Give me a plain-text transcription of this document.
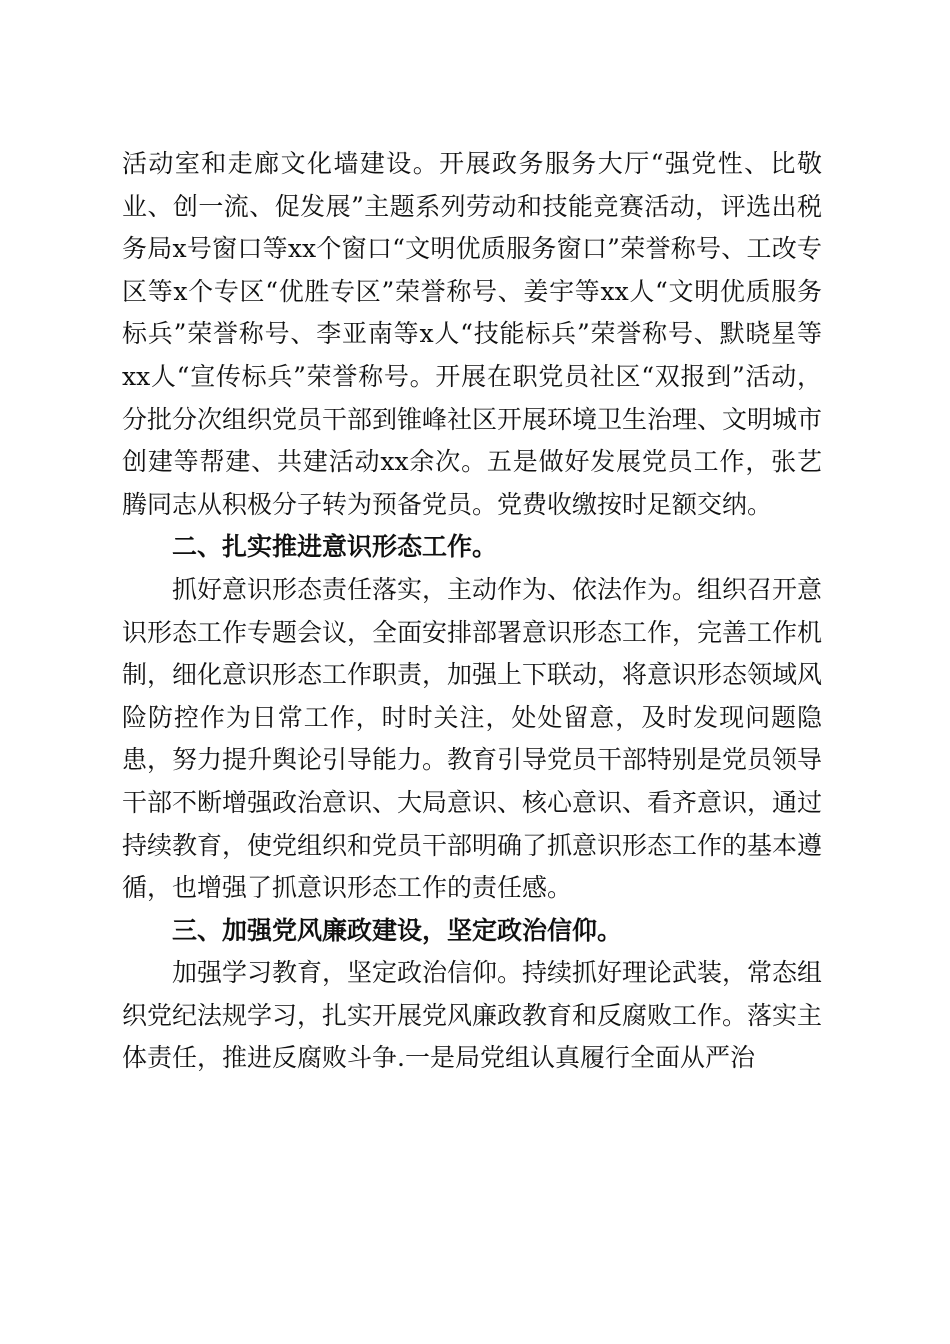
活动室和走廊文化墙建设。开展政务服务大厅“强党性、比敬业、创一流、促发展”主题系列劳动和技能竞赛活动，评选出税务局x号窗口等xx个窗口“文明优质服务窗口”荣誉称号、工改专区等x个专区“优胜专区”荣誉称号、姜宇等xx人“文明优质服务标兵”荣誉称号、李亚南等x人“技能标兵”荣誉称号、默晓星等xx人“宣传标兵”荣誉称号。开展在职党员社区“双报到”活动，分批分次组织党员干部到锥峰社区开展环境卫生治理、文明城市创建等帮建、共建活动xx余次。五是做好发展党员工作，张艺腾同志从积极分子转为预备党员。党费收缴按时足额交纳。

二、扎实推进意识形态工作。

抓好意识形态责任落实，主动作为、依法作为。组织召开意识形态工作专题会议，全面安排部署意识形态工作，完善工作机制，细化意识形态工作职责，加强上下联动，将意识形态领域风险防控作为日常工作，时时关注，处处留意，及时发现问题隐患，努力提升舆论引导能力。教育引导党员干部特别是党员领导干部不断增强政治意识、大局意识、核心意识、看齐意识，通过持续教育，使党组织和党员干部明确了抓意识形态工作的基本遵循，也增强了抓意识形态工作的责任感。

三、加强党风廉政建设，坚定政治信仰。

加强学习教育，坚定政治信仰。持续抓好理论武装，常态组织党纪法规学习，扎实开展党风廉政教育和反腐败工作。落实主体责任，推进反腐败斗争.一是局党组认真履行全面从严治
